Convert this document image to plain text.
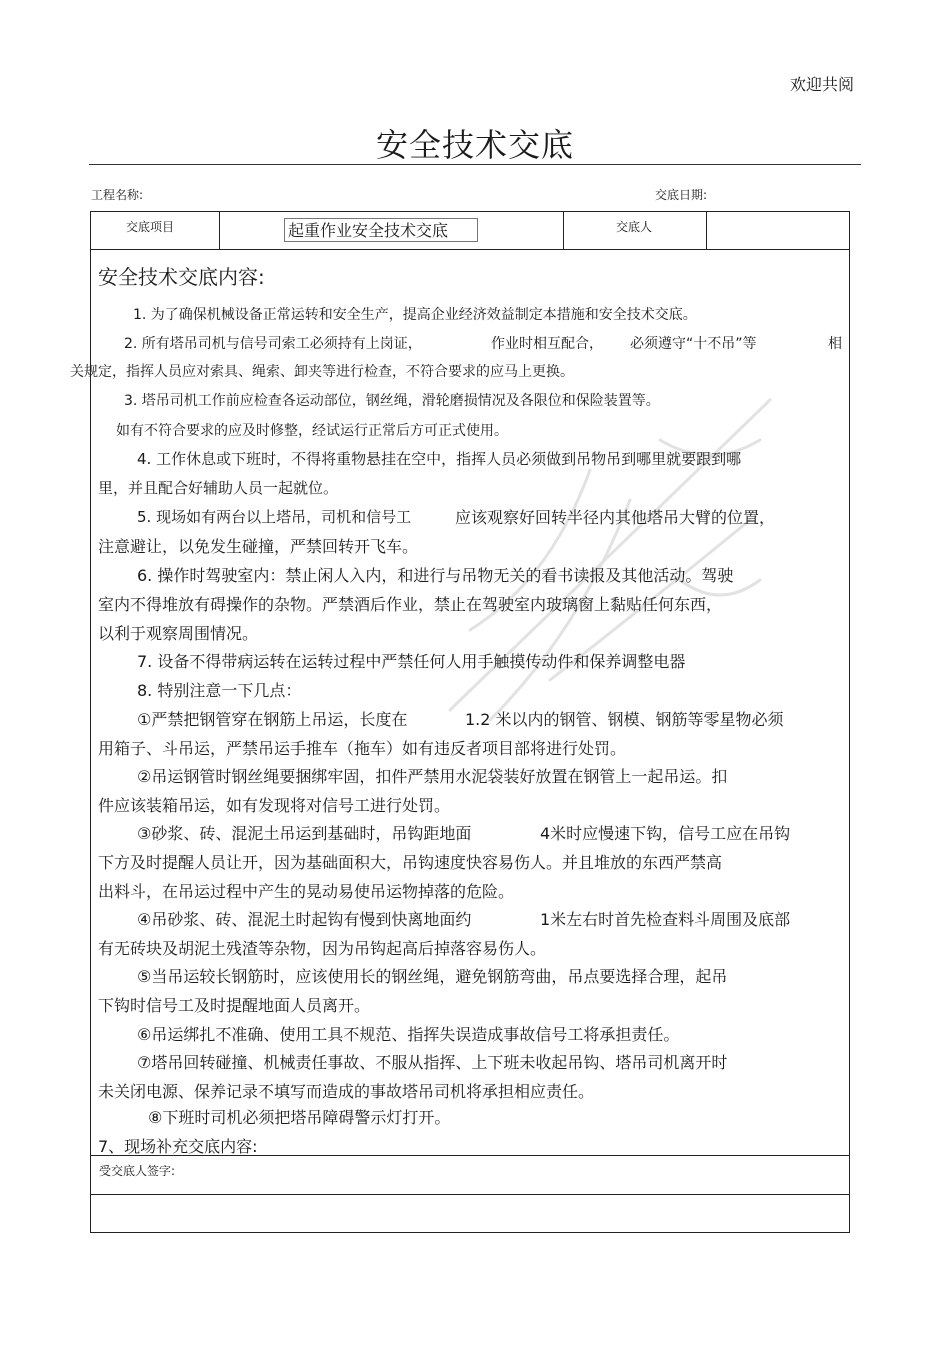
欢迎共阅
安全技术交底
工程名称:	交底日期:
交底项目	起重作业安全技术交底	交底人
安全技术交底内容:
1. 为了确保机械设备正常运转和安全生产，提高企业经济效益制定本措施和安全技术交底。
2. 所有塔吊司机与信号司索工必须持有上岗证，	作业时相互配合， 必须遵守“十不吊”等	相
关规定，指挥人员应对索具、绳索、卸夹等进行检查，不符合要求的应马上更换。
3. 塔吊司机工作前应检查各运动部位，钢丝绳，滑轮磨损情况及各限位和保险装置等。
如有不符合要求的应及时修整，经试运行正常后方可正式使用。
4. 工作休息或下班时，不得将重物悬挂在空中，指挥人员必须做到吊物吊到哪里就要跟到哪
里，并且配合好辅助人员一起就位。
5. 现场如有两台以上塔吊，司机和信号工	应该观察好回转半径内其他塔吊大臂的位置，
注意避让，以免发生碰撞，严禁回转开飞车。
6. 操作时驾驶室内：禁止闲人入内，和进行与吊物无关的看书读报及其他活动。驾驶
室内不得堆放有碍操作的杂物。严禁酒后作业，禁止在驾驶室内玻璃窗上黏贴任何东西，
以利于观察周围情况。
7. 设备不得带病运转在运转过程中严禁任何人用手触摸传动件和保养调整电器
8. 特别注意一下几点：
①严禁把钢管穿在钢筋上吊运，长度在	1.2 米以内的钢管、钢模、钢筋等零星物必须
用箱子、斗吊运，严禁吊运手推车（拖车）如有违反者项目部将进行处罚。
②吊运钢管时钢丝绳要捆绑牢固，扣件严禁用水泥袋装好放置在钢管上一起吊运。扣
件应该装箱吊运，如有发现将对信号工进行处罚。
③砂浆、砖、混泥土吊运到基础时，吊钩距地面	4米时应慢速下钩，信号工应在吊钩
下方及时提醒人员让开，因为基础面积大，吊钩速度快容易伤人。并且堆放的东西严禁高
出料斗，在吊运过程中产生的晃动易使吊运物掉落的危险。
④吊砂浆、砖、混泥土时起钩有慢到快离地面约	1米左右时首先检查料斗周围及底部
有无砖块及胡泥土残渣等杂物，因为吊钩起高后掉落容易伤人。
⑤当吊运较长钢筋时，应该使用长的钢丝绳，避免钢筋弯曲，吊点要选择合理，起吊
下钩时信号工及时提醒地面人员离开。
⑥吊运绑扎不准确、使用工具不规范、指挥失误造成事故信号工将承担责任。
⑦塔吊回转碰撞、机械责任事故、不服从指挥、上下班未收起吊钩、塔吊司机离开时
未关闭电源、保养记录不填写而造成的事故塔吊司机将承担相应责任。
⑧下班时司机必须把塔吊障碍警示灯打开。
7、现场补充交底内容:
受交底人签字:
